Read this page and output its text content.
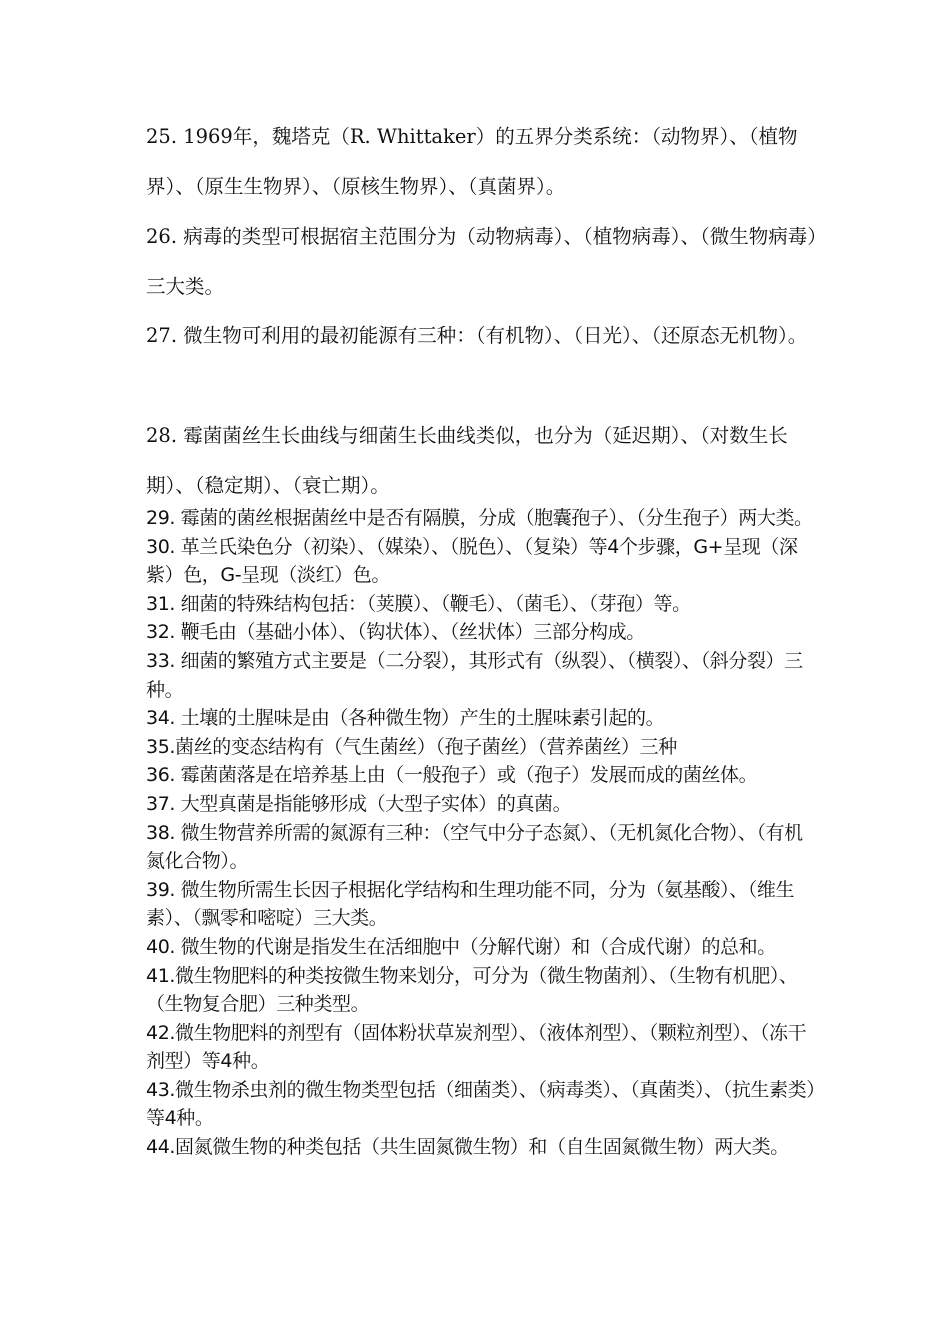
25. 1969年，魏塔克（R. Whittaker）的五界分类系统：（动物界）、（植物界）、（原生生物界）、（原核生物界）、（真菌界）。

26. 病毒的类型可根据宿主范围分为（动物病毒）、（植物病毒）、（微生物病毒）三大类。

27. 微生物可利用的最初能源有三种：（有机物）、（日光）、（还原态无机物）。

28. 霉菌菌丝生长曲线与细菌生长曲线类似，也分为（延迟期）、（对数生长期）、（稳定期）、（衰亡期）。

29. 霉菌的菌丝根据菌丝中是否有隔膜，分成（胞囊孢子）、（分生孢子）两大类。

30. 革兰氏染色分（初染）、（媒染）、（脱色）、（复染）等4个步骤，G+呈现（深紫）色，G-呈现（淡红）色。

31. 细菌的特殊结构包括：（荚膜）、（鞭毛）、（菌毛）、（芽孢）等。

32. 鞭毛由（基础小体）、（钩状体）、（丝状体）三部分构成。

33. 细菌的繁殖方式主要是（二分裂），其形式有（纵裂）、（横裂）、（斜分裂）三种。

34. 土壤的土腥味是由（各种微生物）产生的土腥味素引起的。

35.菌丝的变态结构有（气生菌丝）（孢子菌丝）（营养菌丝）三种

36. 霉菌菌落是在培养基上由（一般孢子）或（孢子）发展而成的菌丝体。

37. 大型真菌是指能够形成（大型子实体）的真菌。

38. 微生物营养所需的氮源有三种：（空气中分子态氮）、（无机氮化合物）、（有机氮化合物）。

39. 微生物所需生长因子根据化学结构和生理功能不同，分为（氨基酸）、（维生素）、（飘零和嘧啶）三大类。

40. 微生物的代谢是指发生在活细胞中（分解代谢）和（合成代谢）的总和。

41.微生物肥料的种类按微生物来划分，可分为（微生物菌剂）、（生物有机肥）、（生物复合肥）三种类型。

42.微生物肥料的剂型有（固体粉状草炭剂型）、（液体剂型）、（颗粒剂型）、（冻干剂型）等4种。

43.微生物杀虫剂的微生物类型包括（细菌类）、（病毒类）、（真菌类）、（抗生素类）等4种。

44.固氮微生物的种类包括（共生固氮微生物）和（自生固氮微生物）两大类。
